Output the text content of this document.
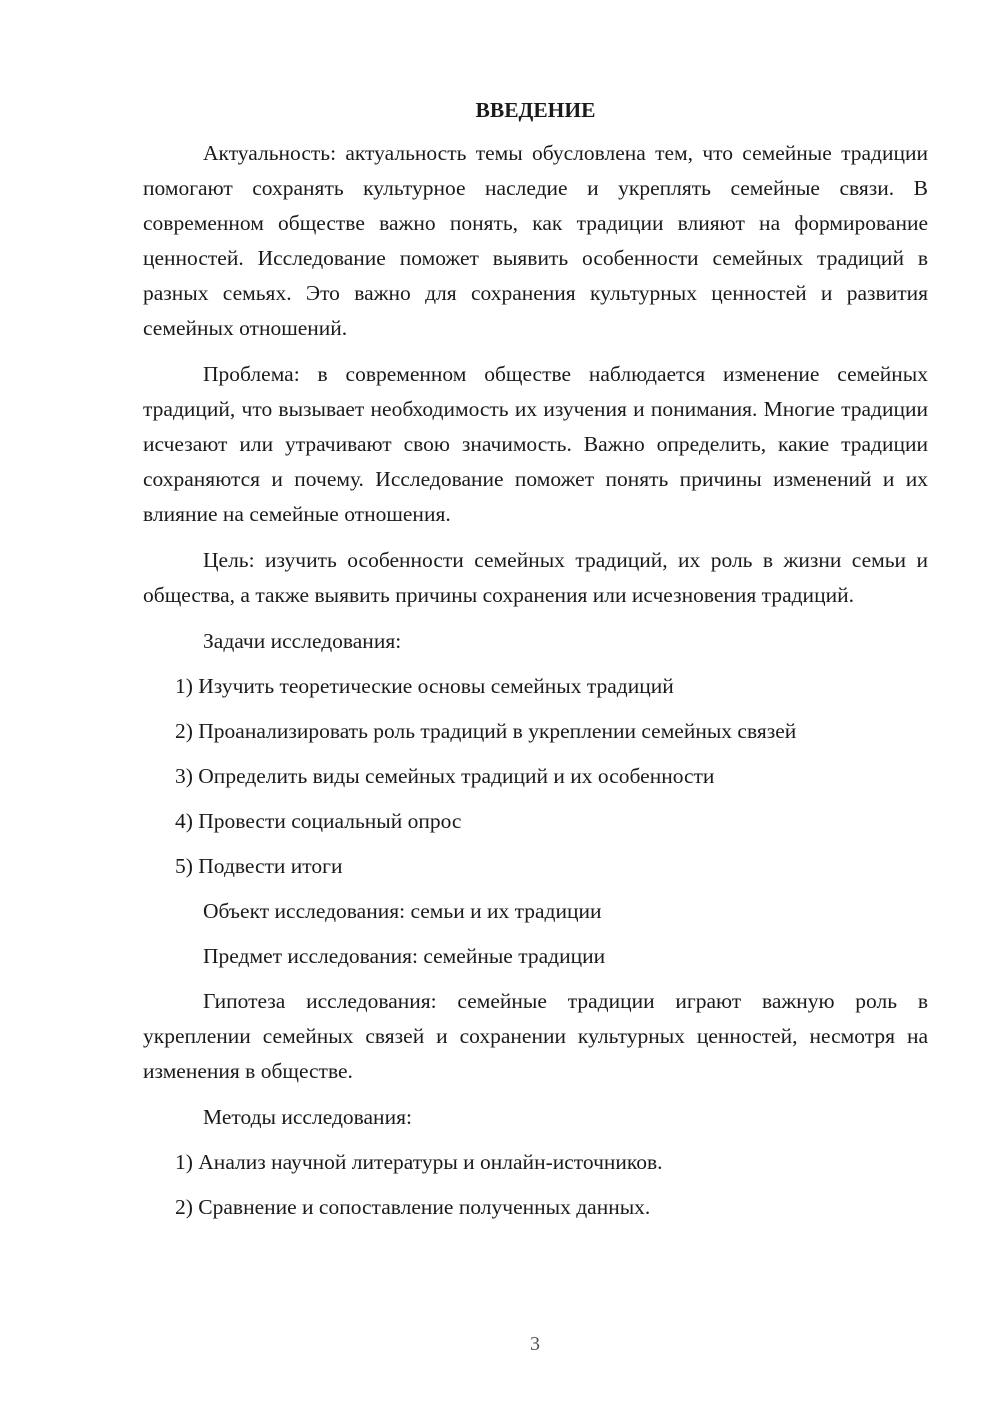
ВВЕДЕНИЕ

Актуальность: актуальность темы обусловлена тем, что семейные традиции помогают сохранять культурное наследие и укреплять семейные связи. В современном обществе важно понять, как традиции влияют на формирование ценностей. Исследование поможет выявить особенности семейных традиций в разных семьях. Это важно для сохранения культурных ценностей и развития семейных отношений.

Проблема: в современном обществе наблюдается изменение семейных традиций, что вызывает необходимость их изучения и понимания. Многие традиции исчезают или утрачивают свою значимость. Важно определить, какие традиции сохраняются и почему. Исследование поможет понять причины изменений и их влияние на семейные отношения.

Цель: изучить особенности семейных традиций, их роль в жизни семьи и общества, а также выявить причины сохранения или исчезновения традиций.

Задачи исследования:
1) Изучить теоретические основы семейных традиций
2) Проанализировать роль традиций в укреплении семейных связей
3) Определить виды семейных традиций и их особенности
4) Провести социальный опрос
5) Подвести итоги
Объект исследования: семьи и их традиции
Предмет исследования: семейные традиции

Гипотеза исследования: семейные традиции играют важную роль в укреплении семейных связей и сохранении культурных ценностей, несмотря на изменения в обществе.

Методы исследования:
1) Анализ научной литературы и онлайн-источников.
2) Сравнение и сопоставление полученных данных.
3
